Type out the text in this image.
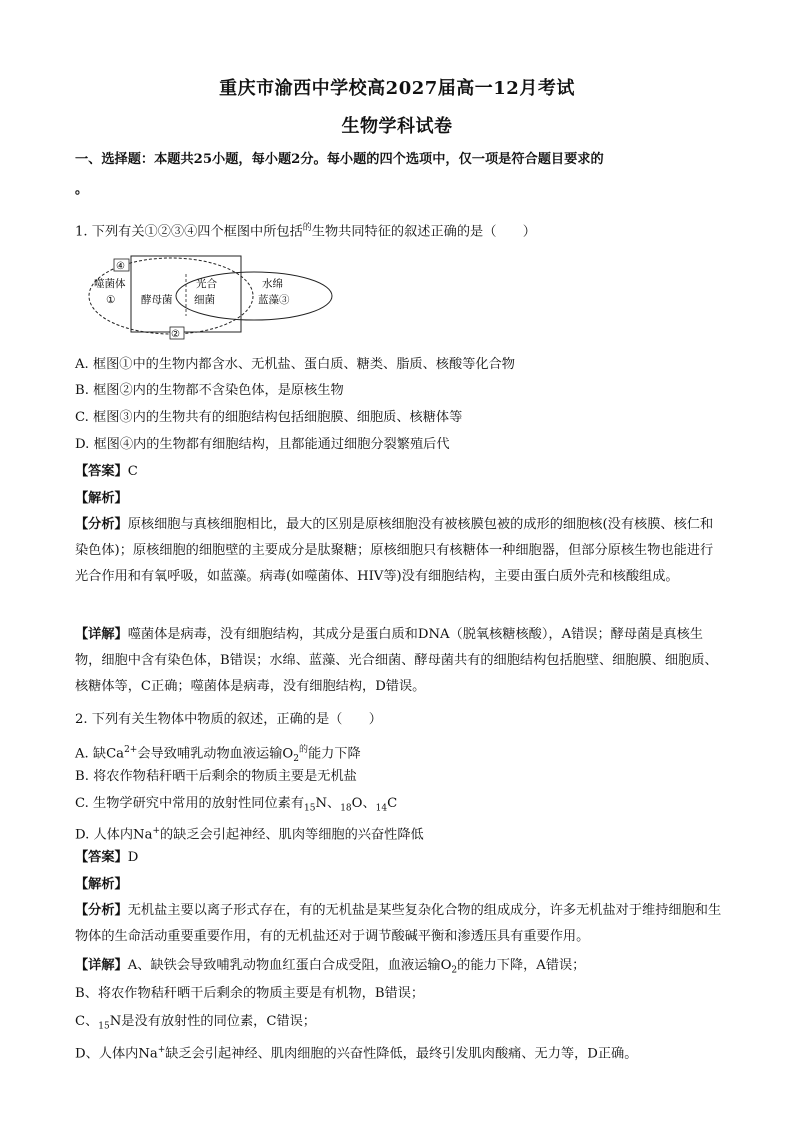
重庆市渝西中学校高2027届高一12月考试
生物学科试卷
一、选择题：本题共25小题，每小题2分。每小题的四个选项中，仅一项是符合题目要求的
。
1. 下列有关①②③④四个框图中所包括$^的$生物共同特征的叙述正确的是（　　）
④
噬菌体
① 酵母菌
光合
细菌
水绵
蓝藻③
②
A. 框图①中的生物内都含水、无机盐、蛋白质、糖类、脂质、核酸等化合物
B. 框图②内的生物都不含染色体，是原核生物
C. 框图③内的生物共有的细胞结构包括细胞膜、细胞质、核糖体等
D. 框图④内的生物都有细胞结构，且都能通过细胞分裂繁殖后代
【答案】C
【解析】
【分析】原核细胞与真核细胞相比，最大的区别是原核细胞没有被核膜包被的成形的细胞核(没有核膜、核仁和染色体)；原核细胞的细胞壁的主要成分是肽聚糖；原核细胞只有核糖体一种细胞器，但部分原核生物也能进行光合作用和有氧呼吸，如蓝藻。病毒(如噬菌体、HIV等)没有细胞结构，主要由蛋白质外壳和核酸组成。
【详解】噬菌体是病毒，没有细胞结构，其成分是蛋白质和DNA（脱氧核糖核酸），A错误；酵母菌是真核生物，细胞中含有染色体，B错误；水绵、蓝藻、光合细菌、酵母菌共有的细胞结构包括胞壁、细胞膜、细胞质、核糖体等，C正确；噬菌体是病毒，没有细胞结构，D错误。
2. 下列有关生物体中物质的叙述，正确的是（　　）
A. 缺$Ca^{2+}$会导致哺乳动物血液运输$O_2^的$能力下降
B. 将农作物秸秆晒干后剩余的物质主要是无机盐
C. 生物学研究中常用的放射性同位素有$_{15}$N、$_{18}$O、$_{14}$C
D. 人体内Na+的缺乏会引起神经、肌肉等细胞的兴奋性降低
【答案】D
【解析】
【分析】无机盐主要以离子形式存在，有的无机盐是某些复杂化合物的组成成分，许多无机盐对于维持细胞和生物体的生命活动重要重要作用，有的无机盐还对于调节酸碱平衡和渗透压具有重要作用。
【详解】A、缺铁会导致哺乳动物血红蛋白合成受阻，血液运输$O_2$的能力下降，A错误；
B、将农作物秸秆晒干后剩余的物质主要是有机物，B错误；
C、$_{15}$N是没有放射性的同位素，C错误；
D、人体内Na+缺乏会引起神经、肌肉细胞的兴奋性降低，最终引发肌肉酸痛、无力等，D正确。
